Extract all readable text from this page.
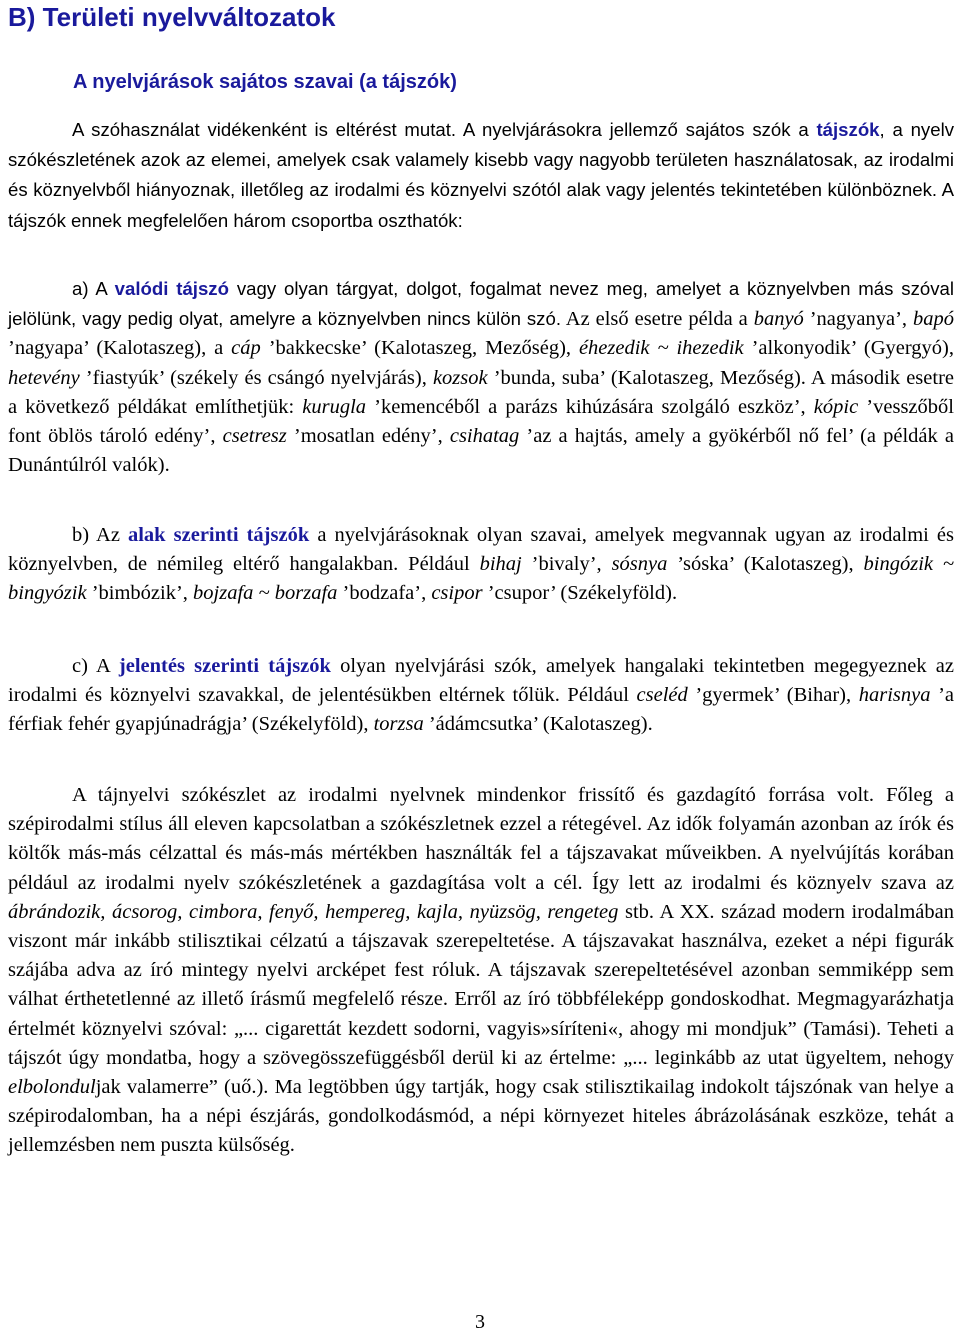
B) Területi nyelvváltozatok
A nyelvjárások sajátos szavai (a tájszók)

A szóhasználat vidékenként is eltérést mutat. A nyelvjárásokra jellemző sajátos szók a tájszók, a nyelv szókészletének azok az elemei, amelyek csak valamely kisebb vagy nagyobb területen használatosak, az irodalmi és köznyelvből hiányoznak, illetőleg az irodalmi és köznyelvi szótól alak vagy jelentés tekintetében különböznek. A tájszók ennek megfelelően három csoportba oszthatók:

a) A valódi tájszó vagy olyan tárgyat, dolgot, fogalmat nevez meg, amelyet a köznyelvben más szóval jelölünk, vagy pedig olyat, amelyre a köznyelvben nincs külön szó. Az első esetre példa a banyó ’nagyanya’, bapó ’nagyapa’ (Kalotaszeg), a cáp ’bakkecske’ (Kalotaszeg, Mezőség), éhezedik ~ ihezedik ’alkonyodik’ (Gyergyó), hetevény ’fiastyúk’ (székely és csángó nyelvjárás), kozsok ’bunda, suba’ (Kalotaszeg, Mezőség). A második esetre a következő példákat említhetjük: kurugla ’kemencéből a parázs kihúzására szolgáló eszköz’, kópic ’vesszőből font öblös tároló edény’, csetresz ’mosatlan edény’, csihatag ’az a hajtás, amely a gyökérből nő fel’ (a példák a Dunántúlról valók).

b) Az alak szerinti tájszók a nyelvjárásoknak olyan szavai, amelyek megvannak ugyan az irodalmi és köznyelvben, de némileg eltérő hangalakban. Például bihaj ’bivaly’, sósnya ’sóska’ (Kalotaszeg), bingózik ~ bingyózik ’bimbózik’, bojzafa ~ borzafa ’bodzafa’, csipor ’csupor’ (Székelyföld).

c) A jelentés szerinti tájszók olyan nyelvjárási szók, amelyek hangalaki tekintetben megegyeznek az irodalmi és köznyelvi szavakkal, de jelentésükben eltérnek tőlük. Például cseléd ’gyermek’ (Bihar), harisnya ’a férfiak fehér gyapjúnadrágja’ (Székelyföld), torzsa ’ádámcsutka’ (Kalotaszeg).

A tájnyelvi szókészlet az irodalmi nyelvnek mindenkor frissítő és gazdagító forrása volt. Főleg a szépirodalmi stílus áll eleven kapcsolatban a szókészletnek ezzel a rétegével. Az idők folyamán azonban az írók és költők más-más célzattal és más-más mértékben használták fel a tájszavakat műveikben. A nyelvújítás korában például az irodalmi nyelv szókészletének a gazdagítása volt a cél. Így lett az irodalmi és köznyelv szava az ábrándozik, ácsorog, cimbora, fenyő, hempereg, kajla, nyüzsög, rengeteg stb. A XX. század modern irodalmában viszont már inkább stilisztikai célzatú a tájszavak szerepeltetése. A tájszavakat használva, ezeket a népi figurák szájába adva az író mintegy nyelvi arcképet fest róluk. A tájszavak szerepeltetésével azonban semmiképp sem válhat érthetetlenné az illető írásmű megfelelő része. Erről az író többféleképp gondoskodhat. Megmagyarázhatja értelmét köznyelvi szóval: „... cigarettát kezdett sodorni, vagyis»síríteni«, ahogy mi mondjuk” (Tamási). Teheti a tájszót úgy mondatba, hogy a szövegösszefüggésből derül ki az értelme: „... leginkább az utat ügyeltem, nehogy elbolonduljak valamerre” (uő.). Ma legtöbben úgy tartják, hogy csak stilisztikailag indokolt tájszónak van helye a szépirodalomban, ha a népi észjárás, gondolkodásmód, a népi környezet hiteles ábrázolásának eszköze, tehát a jellemzésben nem puszta külsőség.

3
